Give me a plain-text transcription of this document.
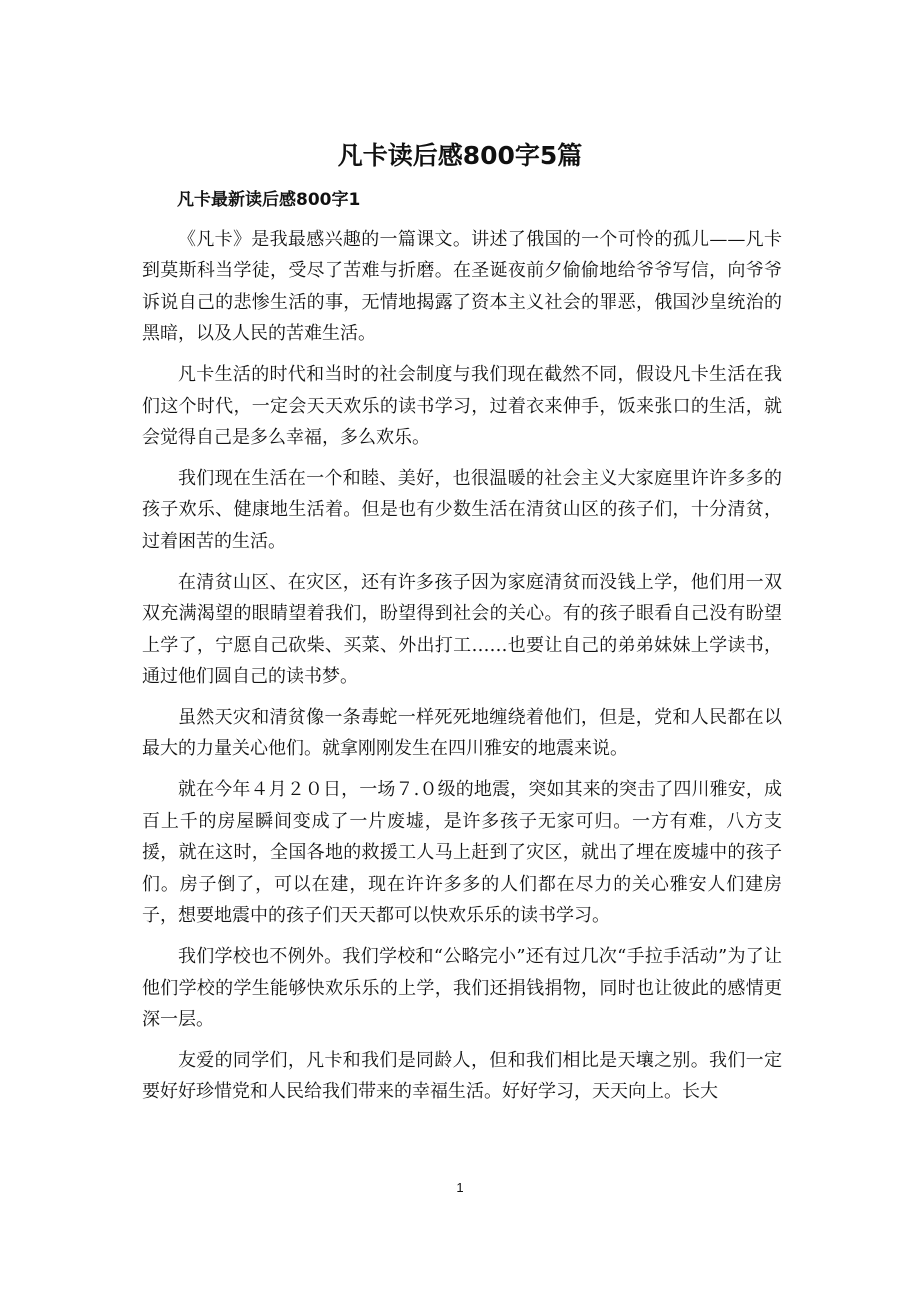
凡卡读后感800字5篇
凡卡最新读后感800字1

《凡卡》是我最感兴趣的一篇课文。讲述了俄国的一个可怜的孤儿——凡卡到莫斯科当学徒，受尽了苦难与折磨。在圣诞夜前夕偷偷地给爷爷写信，向爷爷诉说自己的悲惨生活的事，无情地揭露了资本主义社会的罪恶，俄国沙皇统治的黑暗，以及人民的苦难生活。

凡卡生活的时代和当时的社会制度与我们现在截然不同，假设凡卡生活在我们这个时代，一定会天天欢乐的读书学习，过着衣来伸手，饭来张口的生活，就会觉得自己是多么幸福，多么欢乐。

我们现在生活在一个和睦、美好，也很温暖的社会主义大家庭里许许多多的孩子欢乐、健康地生活着。但是也有少数生活在清贫山区的孩子们，十分清贫，过着困苦的生活。

在清贫山区、在灾区，还有许多孩子因为家庭清贫而没钱上学，他们用一双双充满渴望的眼睛望着我们，盼望得到社会的关心。有的孩子眼看自己没有盼望上学了，宁愿自己砍柴、买菜、外出打工……也要让自己的弟弟妹妹上学读书，通过他们圆自己的读书梦。

虽然天灾和清贫像一条毒蛇一样死死地缠绕着他们，但是，党和人民都在以最大的力量关心他们。就拿刚刚发生在四川雅安的地震来说。

就在今年４月２０日，一场７.０级的地震，突如其来的突击了四川雅安，成百上千的房屋瞬间变成了一片废墟，是许多孩子无家可归。一方有难，八方支援，就在这时，全国各地的救援工人马上赶到了灾区，就出了埋在废墟中的孩子们。房子倒了，可以在建，现在许许多多的人们都在尽力的关心雅安人们建房子，想要地震中的孩子们天天都可以快欢乐乐的读书学习。

我们学校也不例外。我们学校和“公略完小”还有过几次“手拉手活动”为了让他们学校的学生能够快欢乐乐的上学，我们还捐钱捐物，同时也让彼此的感情更深一层。

友爱的同学们，凡卡和我们是同龄人，但和我们相比是天壤之别。我们一定要好好珍惜党和人民给我们带来的幸福生活。好好学习，天天向上。长大

1
